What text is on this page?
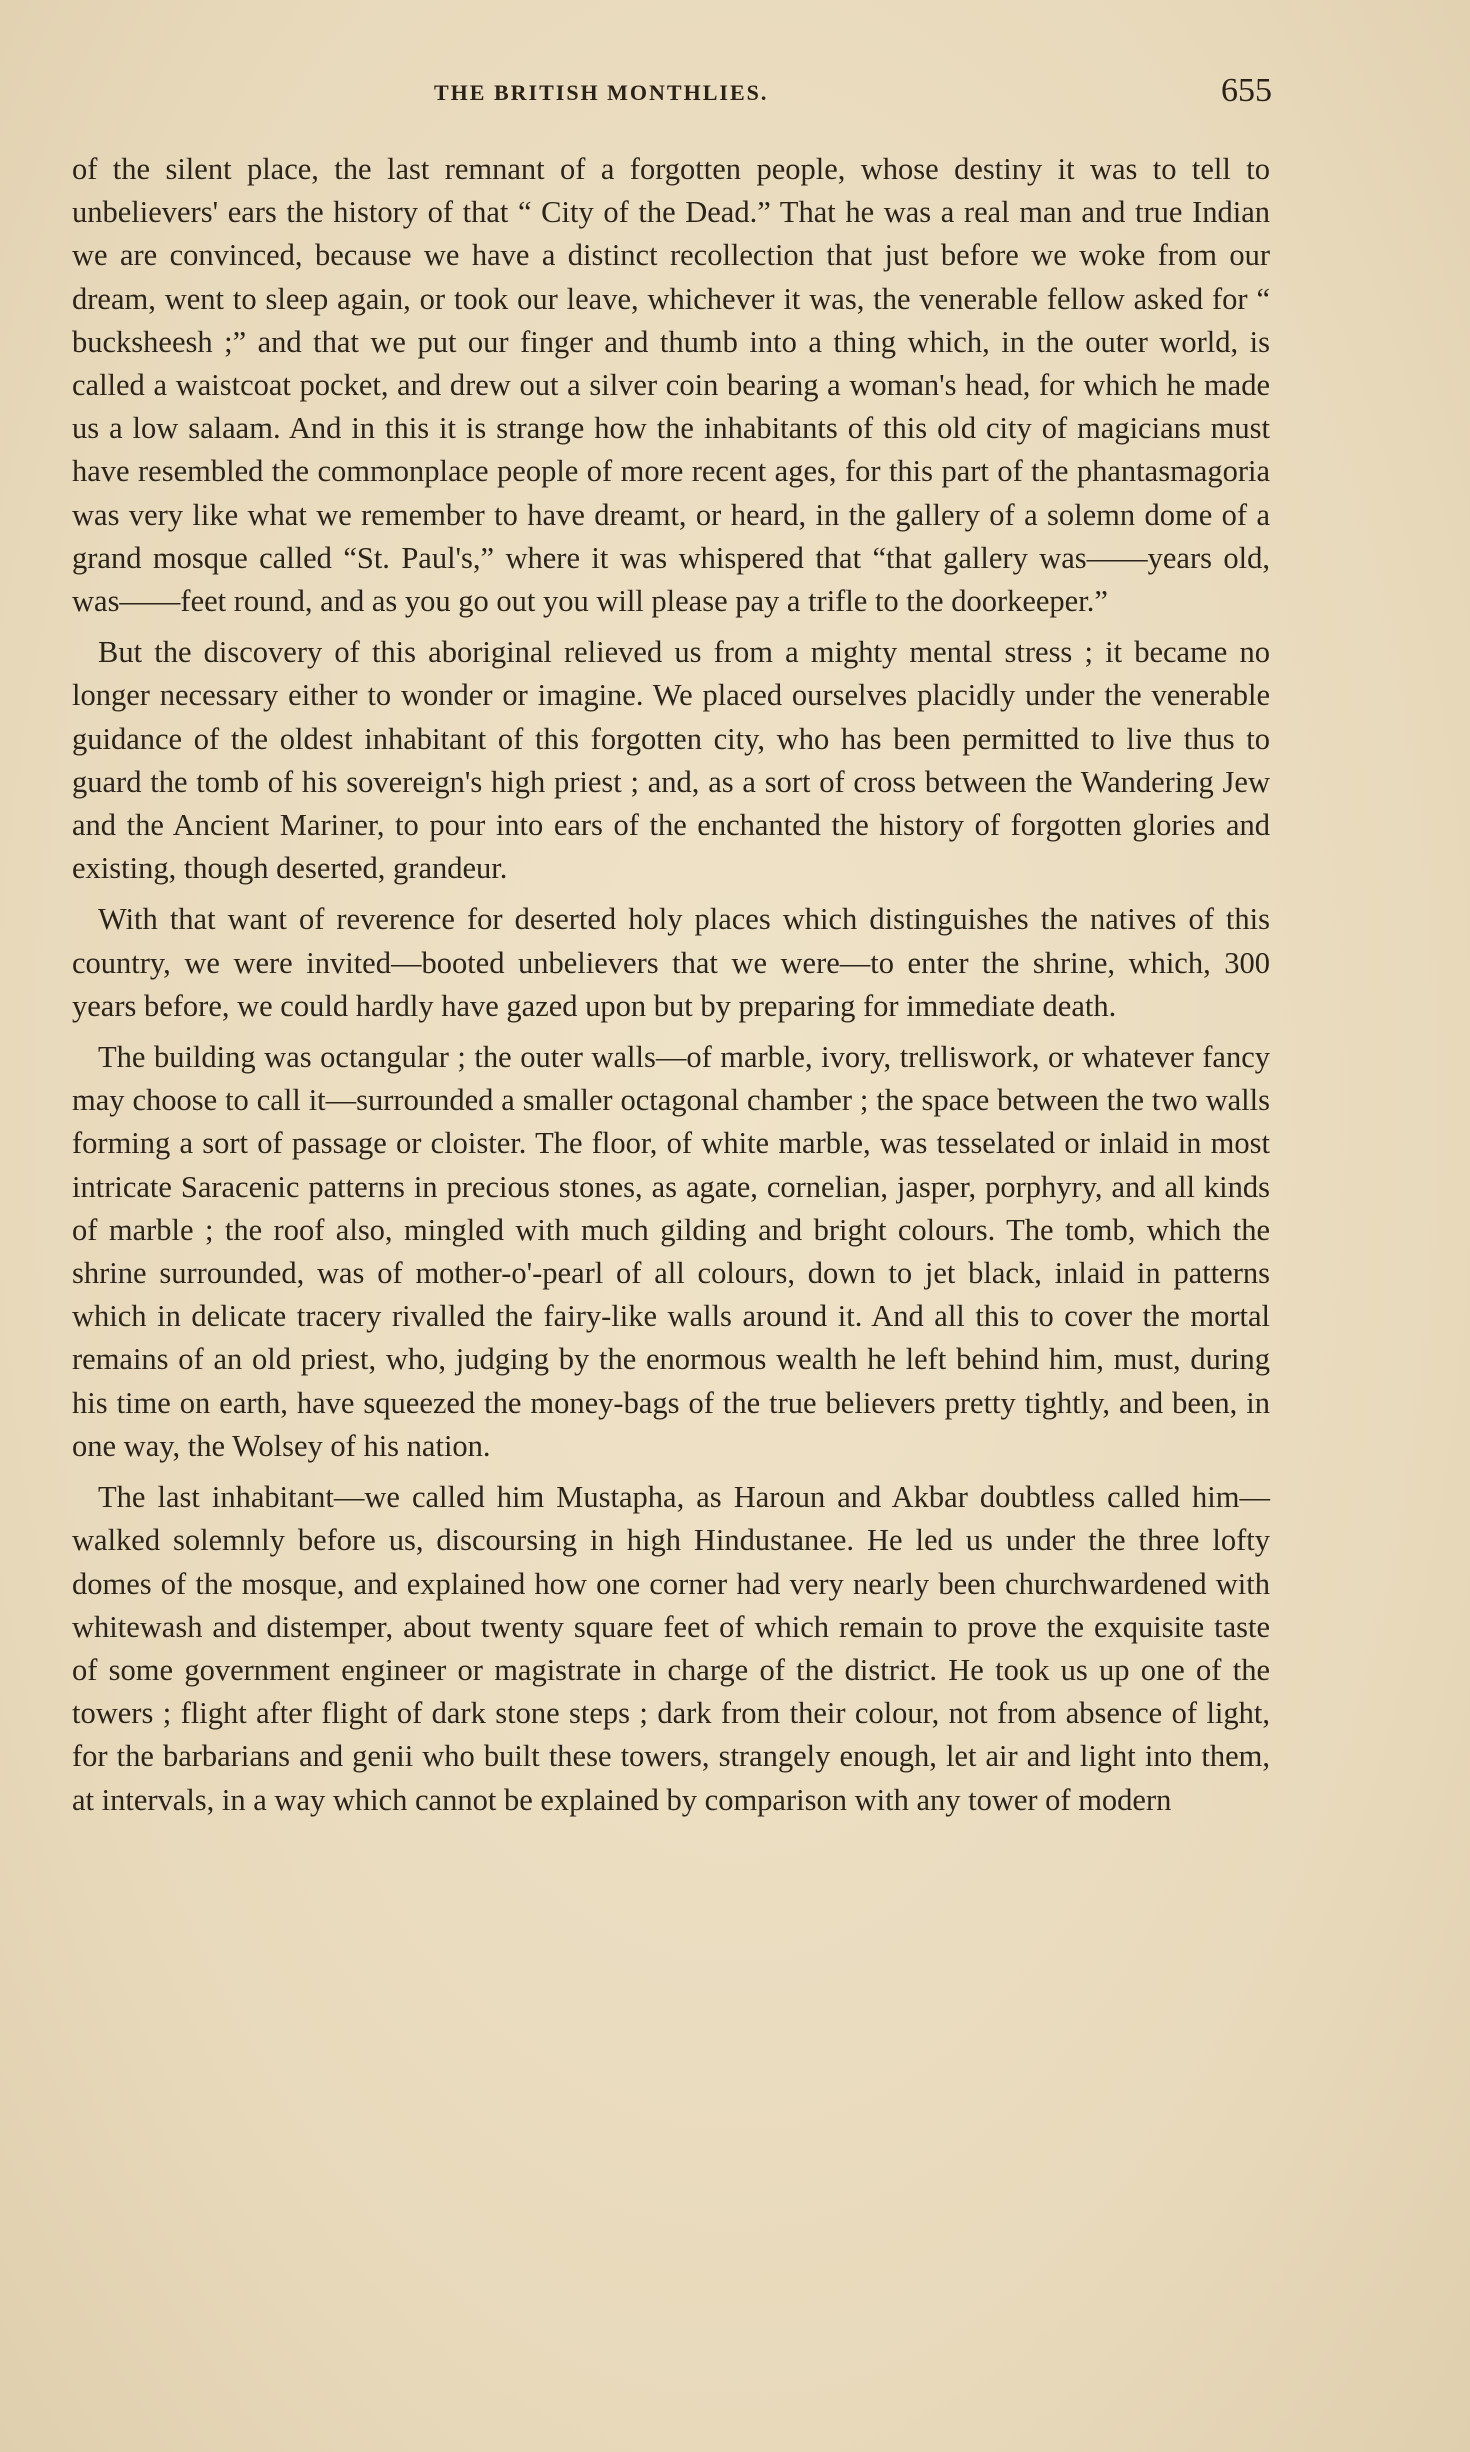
THE BRITISH MONTHLIES.	655

of the silent place, the last remnant of a forgotten people, whose destiny it was to tell to unbelievers' ears the history of that “ City of the Dead.” That he was a real man and true Indian we are convinced, because we have a distinct recollection that just before we woke from our dream, went to sleep again, or took our leave, whichever it was, the venerable fellow asked for “ bucksheesh ;” and that we put our finger and thumb into a thing which, in the outer world, is called a waistcoat pocket, and drew out a silver coin bearing a woman's head, for which he made us a low salaam. And in this it is strange how the inhabitants of this old city of magicians must have resembled the commonplace people of more recent ages, for this part of the phantasmagoria was very like what we remember to have dreamt, or heard, in the gallery of a solemn dome of a grand mosque called “St. Paul's,” where it was whispered that “that gallery was——years old, was——feet round, and as you go out you will please pay a trifle to the doorkeeper.”

But the discovery of this aboriginal relieved us from a mighty mental stress ; it became no longer necessary either to wonder or imagine. We placed ourselves placidly under the venerable guidance of the oldest inhabitant of this forgotten city, who has been permitted to live thus to guard the tomb of his sovereign's high priest ; and, as a sort of cross between the Wandering Jew and the Ancient Mariner, to pour into ears of the enchanted the history of forgotten glories and existing, though deserted, grandeur.

With that want of reverence for deserted holy places which distinguishes the natives of this country, we were invited—booted unbelievers that we were—to enter the shrine, which, 300 years before, we could hardly have gazed upon but by preparing for immediate death.

The building was octangular ; the outer walls—of marble, ivory, trelliswork, or whatever fancy may choose to call it—surrounded a smaller octagonal chamber ; the space between the two walls forming a sort of passage or cloister. The floor, of white marble, was tesselated or inlaid in most intricate Saracenic patterns in precious stones, as agate, cornelian, jasper, porphyry, and all kinds of marble ; the roof also, mingled with much gilding and bright colours. The tomb, which the shrine surrounded, was of mother-o'-pearl of all colours, down to jet black, inlaid in patterns which in delicate tracery rivalled the fairy-like walls around it. And all this to cover the mortal remains of an old priest, who, judging by the enormous wealth he left behind him, must, during his time on earth, have squeezed the money-bags of the true believers pretty tightly, and been, in one way, the Wolsey of his nation.

The last inhabitant—we called him Mustapha, as Haroun and Akbar doubtless called him—walked solemnly before us, discoursing in high Hindustanee. He led us under the three lofty domes of the mosque, and explained how one corner had very nearly been churchwardened with whitewash and distemper, about twenty square feet of which remain to prove the exquisite taste of some government engineer or magistrate in charge of the district. He took us up one of the towers ; flight after flight of dark stone steps ; dark from their colour, not from absence of light, for the barbarians and genii who built these towers, strangely enough, let air and light into them, at intervals, in a way which cannot be explained by comparison with any tower of modern
